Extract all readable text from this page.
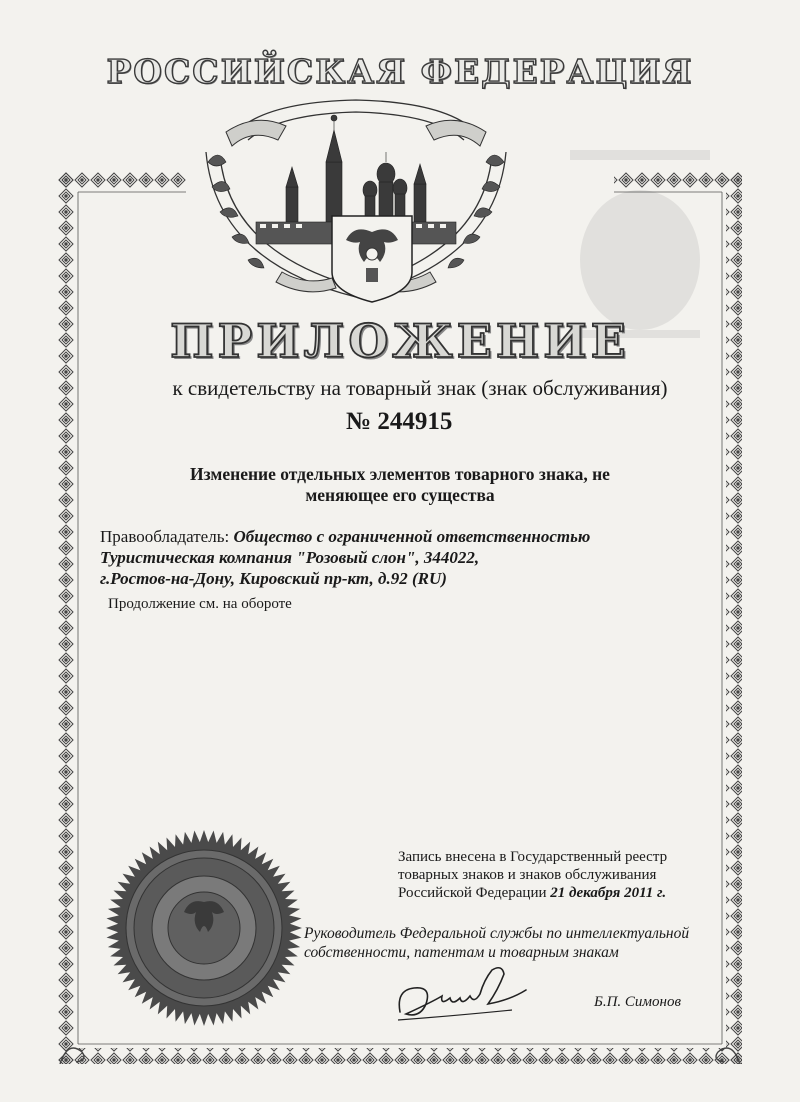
РОССИЙСКАЯ ФЕДЕРАЦИЯ
ПРИЛОЖЕНИЕ
к свидетельству на товарный знак (знак обслуживания)
№ 244915
Изменение отдельных элементов товарного знака, не
меняющее его существа
Правообладатель: Общество с ограниченной ответственностью
Туристическая компания "Розовый слон", 344022,
г.Ростов-на-Дону, Кировский пр-кт, д.92 (RU)
Продолжение см. на обороте
Запись внесена в Государственный реестр
товарных знаков и знаков обслуживания
Российской Федерации 21 декабря 2011 г.
Руководитель Федеральной службы по интеллектуальной
собственности, патентам и товарным знакам
Б.П. Симонов
